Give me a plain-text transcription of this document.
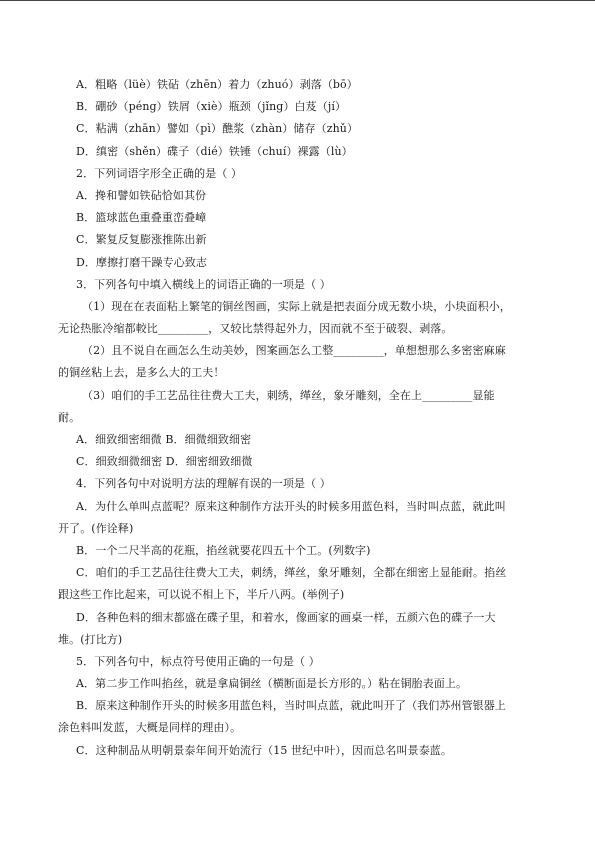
A．粗略（lüè）铁砧（zhēn）着力（zhuó）剥落（bō）
B．硼砂（péng）铁屑（xiè）瓶颈（jǐng）白芨（jí）
C．粘满（zhān）譬如（pì）醮浆（zhàn）储存（zhǔ）
D．缜密（shěn）碟子（dié）铁锤（chuí）裸露（lù）
2．下列词语字形全正确的是（ ）
A．搀和譬如铁砧恰如其份
B．篮球蓝色重叠重峦叠嶂
C．繁复反复膨涨推陈出新
D．摩擦打磨干躁专心致志
3．下列各句中填入横线上的词语正确的一项是（ ）
（1）现在在表面粘上繁笔的铜丝图画，实际上就是把表面分成无数小块，小块面积小，
无论热胀冷缩都較比_________，又较比禁得起外力，因而就不至于破裂、剥落。
（2）且不说自在画怎么生动美妙，图案画怎么工整_________，单想想那么多密密麻麻
的铜丝粘上去，是多么大的工夫！
（3）咱们的手工艺品往往费大工夫，刺绣，缂丝，象牙雕刻，全在上_________显能
耐。
A．细致细密细微 B．细微细致细密
C．细致细微细密 D．细密细致细微
4．下列各句中对说明方法的理解有误的一项是（ ）
A．为什么单叫点蓝呢？原来这种制作方法开头的时候多用蓝色料，当时叫点蓝，就此叫
开了。(作诠释)
B．一个二尺半高的花瓶，掐丝就要花四五十个工。(列数字)
C．咱们的手工艺品往往费大工夫，刺绣，缂丝，象牙雕刻，全都在细密上显能耐。掐丝
跟这些工作比起来，可以说不相上下，半斤八两。(举例子)
D．各种色料的细末都盛在碟子里，和着水，像画家的画桌一样，五颜六色的碟子一大
堆。(打比方)
5．下列各句中，标点符号使用正确的一句是（ ）
A．第二步工作叫掐丝，就是拿扁铜丝（横断面是长方形的。）粘在铜胎表面上。
B．原来这种制作开头的时候多用蓝色料，当时叫点蓝，就此叫开了（我们苏州管银器上
涂色料叫发蓝，大概是同样的理由）。
C．这种制品从明朝景泰年间开始流行（15 世纪中叶），因而总名叫景泰蓝。
